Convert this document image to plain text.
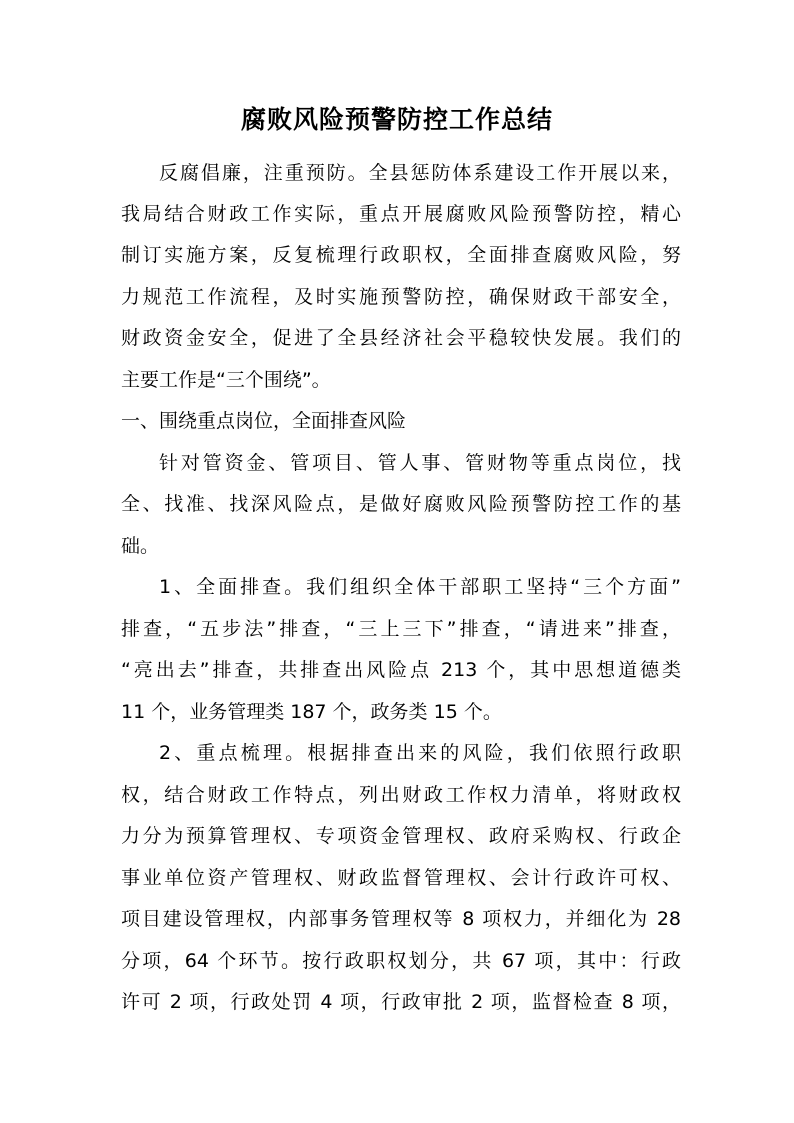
腐败风险预警防控工作总结
反腐倡廉，注重预防。全县惩防体系建设工作开展以来，
我局结合财政工作实际，重点开展腐败风险预警防控，精心
制订实施方案，反复梳理行政职权，全面排查腐败风险，努
力规范工作流程，及时实施预警防控，确保财政干部安全，
财政资金安全，促进了全县经济社会平稳较快发展。我们的
主要工作是“三个围绕”。
一、围绕重点岗位，全面排查风险
针对管资金、管项目、管人事、管财物等重点岗位，找
全、找准、找深风险点，是做好腐败风险预警防控工作的基
础。
1、全面排查。我们组织全体干部职工坚持“三个方面”
排查，“五步法”排查，“三上三下”排查，“请进来”排查，
“亮出去”排查，共排查出风险点 213 个，其中思想道德类
11 个，业务管理类 187 个，政务类 15 个。
2、重点梳理。根据排查出来的风险，我们依照行政职
权，结合财政工作特点，列出财政工作权力清单，将财政权
力分为预算管理权、专项资金管理权、政府采购权、行政企
事业单位资产管理权、财政监督管理权、会计行政许可权、
项目建设管理权，内部事务管理权等 8 项权力，并细化为 28
分项，64 个环节。按行政职权划分，共 67 项，其中：行政
许可 2 项，行政处罚 4 项，行政审批 2 项，监督检查 8 项，
